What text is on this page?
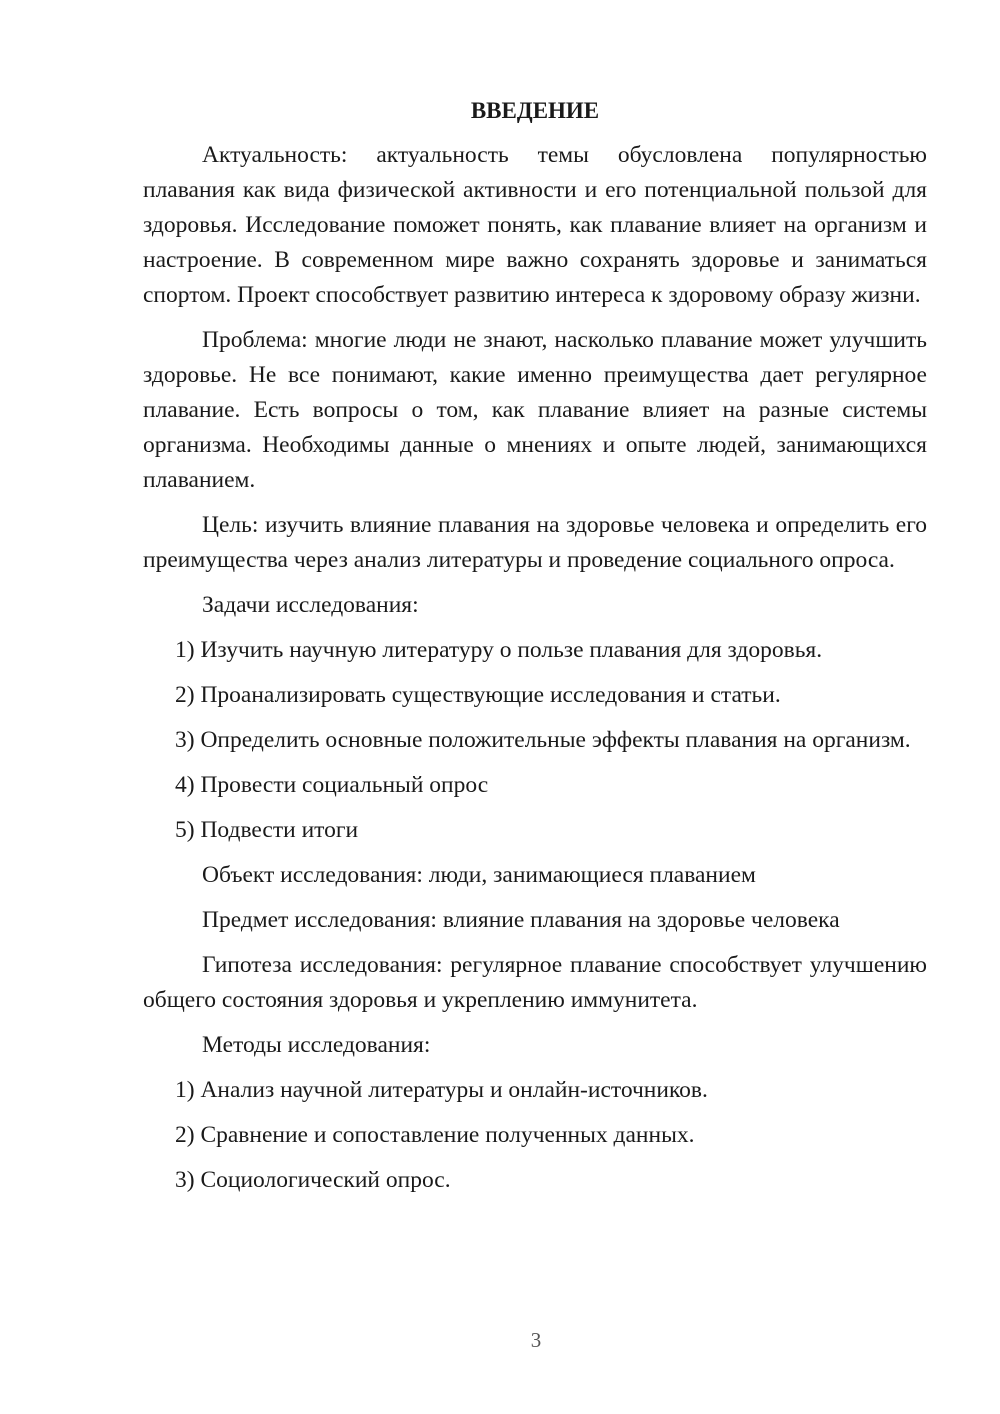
ВВЕДЕНИЕ

Актуальность: актуальность темы обусловлена популярностью плавания как вида физической активности и его потенциальной пользой для здоровья. Исследование поможет понять, как плавание влияет на организм и настроение. В современном мире важно сохранять здоровье и заниматься спортом. Проект способствует развитию интереса к здоровому образу жизни.

Проблема: многие люди не знают, насколько плавание может улучшить здоровье. Не все понимают, какие именно преимущества дает регулярное плавание. Есть вопросы о том, как плавание влияет на разные системы организма. Необходимы данные о мнениях и опыте людей, занимающихся плаванием.

Цель: изучить влияние плавания на здоровье человека и определить его преимущества через анализ литературы и проведение социального опроса.

Задачи исследования:

1) Изучить научную литературу о пользе плавания для здоровья.

2) Проанализировать существующие исследования и статьи.

3) Определить основные положительные эффекты плавания на организм.

4) Провести социальный опрос

5) Подвести итоги

Объект исследования: люди, занимающиеся плаванием

Предмет исследования: влияние плавания на здоровье человека

Гипотеза исследования: регулярное плавание способствует улучшению общего состояния здоровья и укреплению иммунитета.

Методы исследования:

1) Анализ научной литературы и онлайн-источников.

2) Сравнение и сопоставление полученных данных.

3) Социологический опрос.

3
